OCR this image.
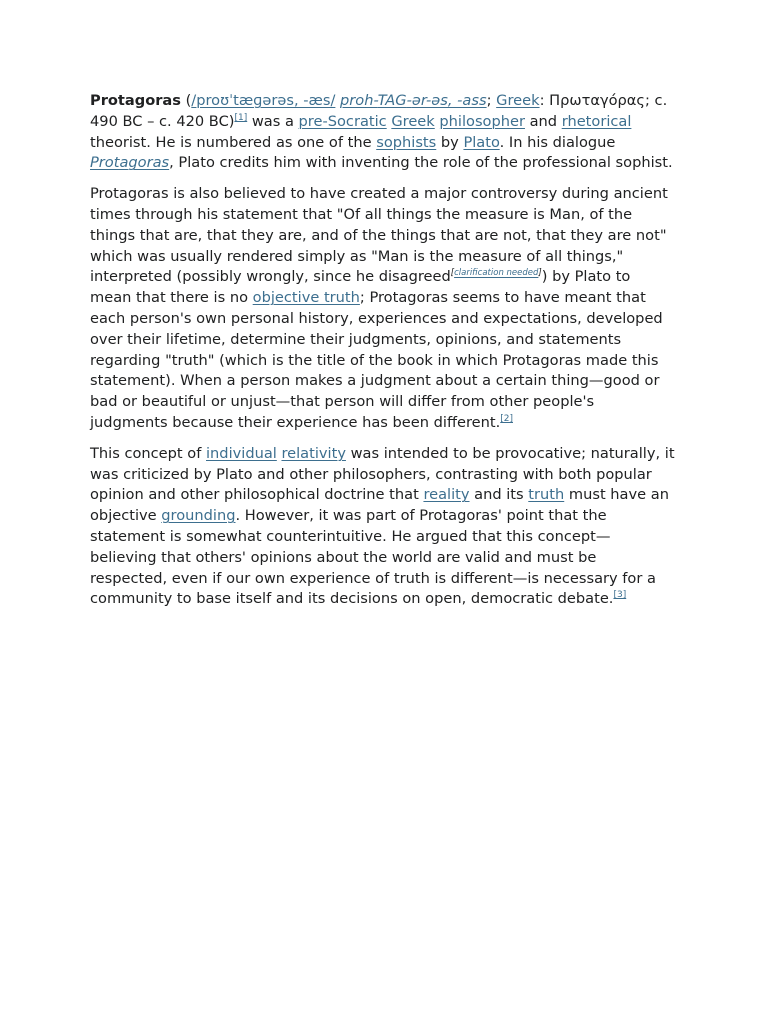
Protagoras (/proʊˈtæɡərəs, -æs/ proh-TAG-ər-əs, -ass; Greek: Πρωταγόρας; c. 490 BC – c. 420 BC)[1] was a pre-Socratic Greek philosopher and rhetorical theorist. He is numbered as one of the sophists by Plato. In his dialogue Protagoras, Plato credits him with inventing the role of the professional sophist.

Protagoras is also believed to have created a major controversy during ancient times through his statement that "Of all things the measure is Man, of the things that are, that they are, and of the things that are not, that they are not" which was usually rendered simply as "Man is the measure of all things," interpreted (possibly wrongly, since he disagreed[clarification needed]) by Plato to mean that there is no objective truth; Protagoras seems to have meant that each person's own personal history, experiences and expectations, developed over their lifetime, determine their judgments, opinions, and statements regarding "truth" (which is the title of the book in which Protagoras made this statement). When a person makes a judgment about a certain thing—good or bad or beautiful or unjust—that person will differ from other people's judgments because their experience has been different.[2]

This concept of individual relativity was intended to be provocative; naturally, it was criticized by Plato and other philosophers, contrasting with both popular opinion and other philosophical doctrine that reality and its truth must have an objective grounding. However, it was part of Protagoras' point that the statement is somewhat counterintuitive. He argued that this concept—believing that others' opinions about the world are valid and must be respected, even if our own experience of truth is different—is necessary for a community to base itself and its decisions on open, democratic debate.[3]
